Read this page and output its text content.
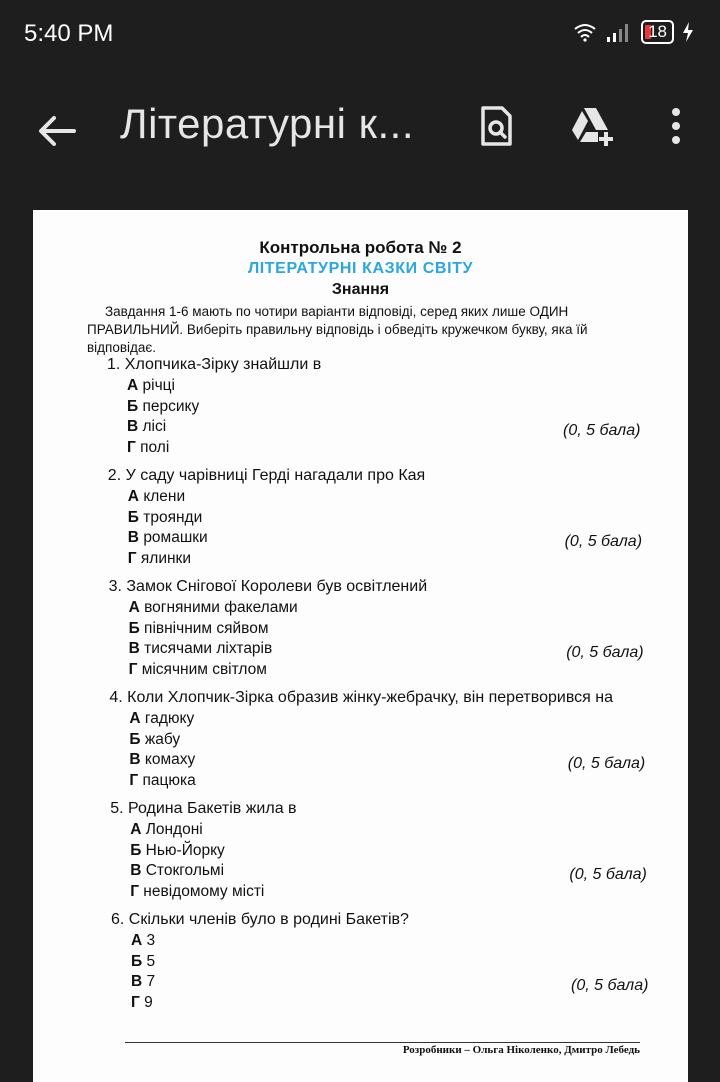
5:40 PM	18
Літературні к...
Контрольна робота № 2
ЛІТЕРАТУРНІ КАЗКИ СВІТУ
Знання
Завдання 1-6 мають по чотири варіанти відповіді, серед яких лише ОДИН
ПРАВИЛЬНИЙ. Виберіть правильну відповідь і обведіть кружечком букву, яка їй
відповідає.
1. Хлопчика-Зірку знайшли в
А річці
Б персику
В лісі
Г полі
(0, 5 бала)
2. У саду чарівниці Герді нагадали про Кая
А клени
Б троянди
В ромашки
Г ялинки
(0, 5 бала)
3. Замок Снігової Королеви був освітлений
А вогняними факелами
Б північним сяйвом
В тисячами ліхтарів
Г місячним світлом
(0, 5 бала)
4. Коли Хлопчик-Зірка образив жінку-жебрачку, він перетворився на
А гадюку
Б жабу
В комаху
Г пацюка
(0, 5 бала)
5. Родина Бакетів жила в
А Лондоні
Б Нью-Йорку
В Стокгольмі
Г невідомому місті
(0, 5 бала)
6. Скільки членів було в родині Бакетів?
А 3
Б 5
В 7
Г 9
(0, 5 бала)
Розробники – Ольга Ніколенко, Дмитро Лебедь
